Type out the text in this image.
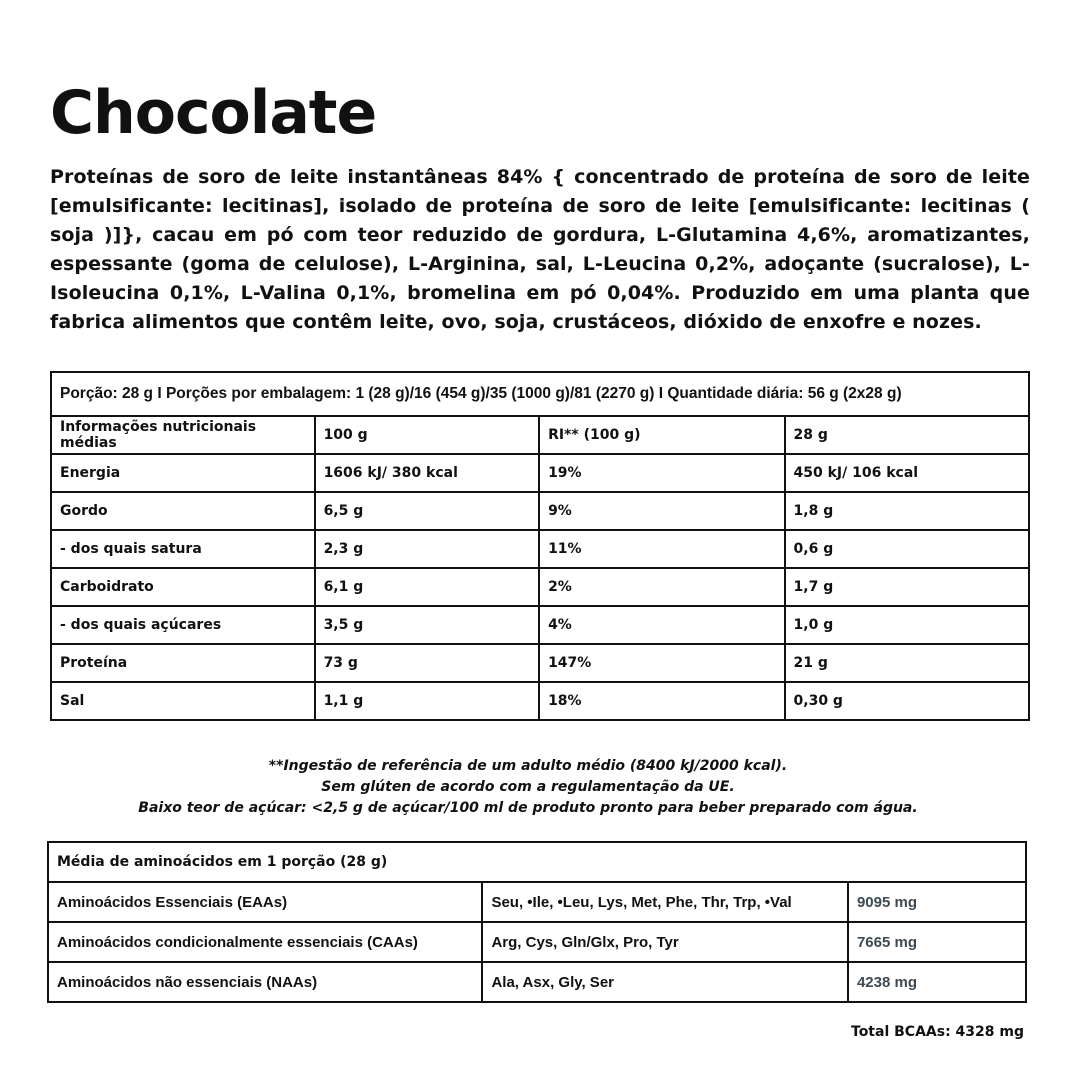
Chocolate
Proteínas de soro de leite instantâneas 84% { concentrado de proteína de soro de leite [emulsificante: lecitinas], isolado de proteína de soro de leite [emulsificante: lecitinas ( soja )]}, cacau em pó com teor reduzido de gordura, L-Glutamina 4,6%, aromatizantes, espessante (goma de celulose), L-Arginina, sal, L-Leucina 0,2%, adoçante (sucralose), L-Isoleucina 0,1%, L-Valina 0,1%, bromelina em pó 0,04%. Produzido em uma planta que fabrica alimentos que contêm leite, ovo, soja, crustáceos, dióxido de enxofre e nozes.
Porção: 28 g I Porções por embalagem: 1 (28 g)/16 (454 g)/35 (1000 g)/81 (2270 g) I Quantidade diária: 56 g (2x28 g)			
Informações nutricionais médias	100 g	RI** (100 g)	28 g
Energia	1606 kJ/ 380 kcal	19%	450 kJ/ 106 kcal
Gordo	6,5 g	9%	1,8 g
- dos quais satura	2,3 g	11%	0,6 g
Carboidrato	6,1 g	2%	1,7 g
- dos quais açúcares	3,5 g	4%	1,0 g
Proteína	73 g	147%	21 g
Sal	1,1 g	18%	0,30 g
**Ingestão de referência de um adulto médio (8400 kJ/2000 kcal).
Sem glúten de acordo com a regulamentação da UE.
Baixo teor de açúcar: <2,5 g de açúcar/100 ml de produto pronto para beber preparado com água.
Média de aminoácidos em 1 porção (28 g)		
Aminoácidos Essenciais (EAAs)	Seu, •Ile, •Leu, Lys, Met, Phe, Thr, Trp, •Val	9095 mg
Aminoácidos condicionalmente essenciais (CAAs)	Arg, Cys, Gln/Glx, Pro, Tyr	7665 mg
Aminoácidos não essenciais (NAAs)	Ala, Asx, Gly, Ser	4238 mg
Total BCAAs: 4328 mg
